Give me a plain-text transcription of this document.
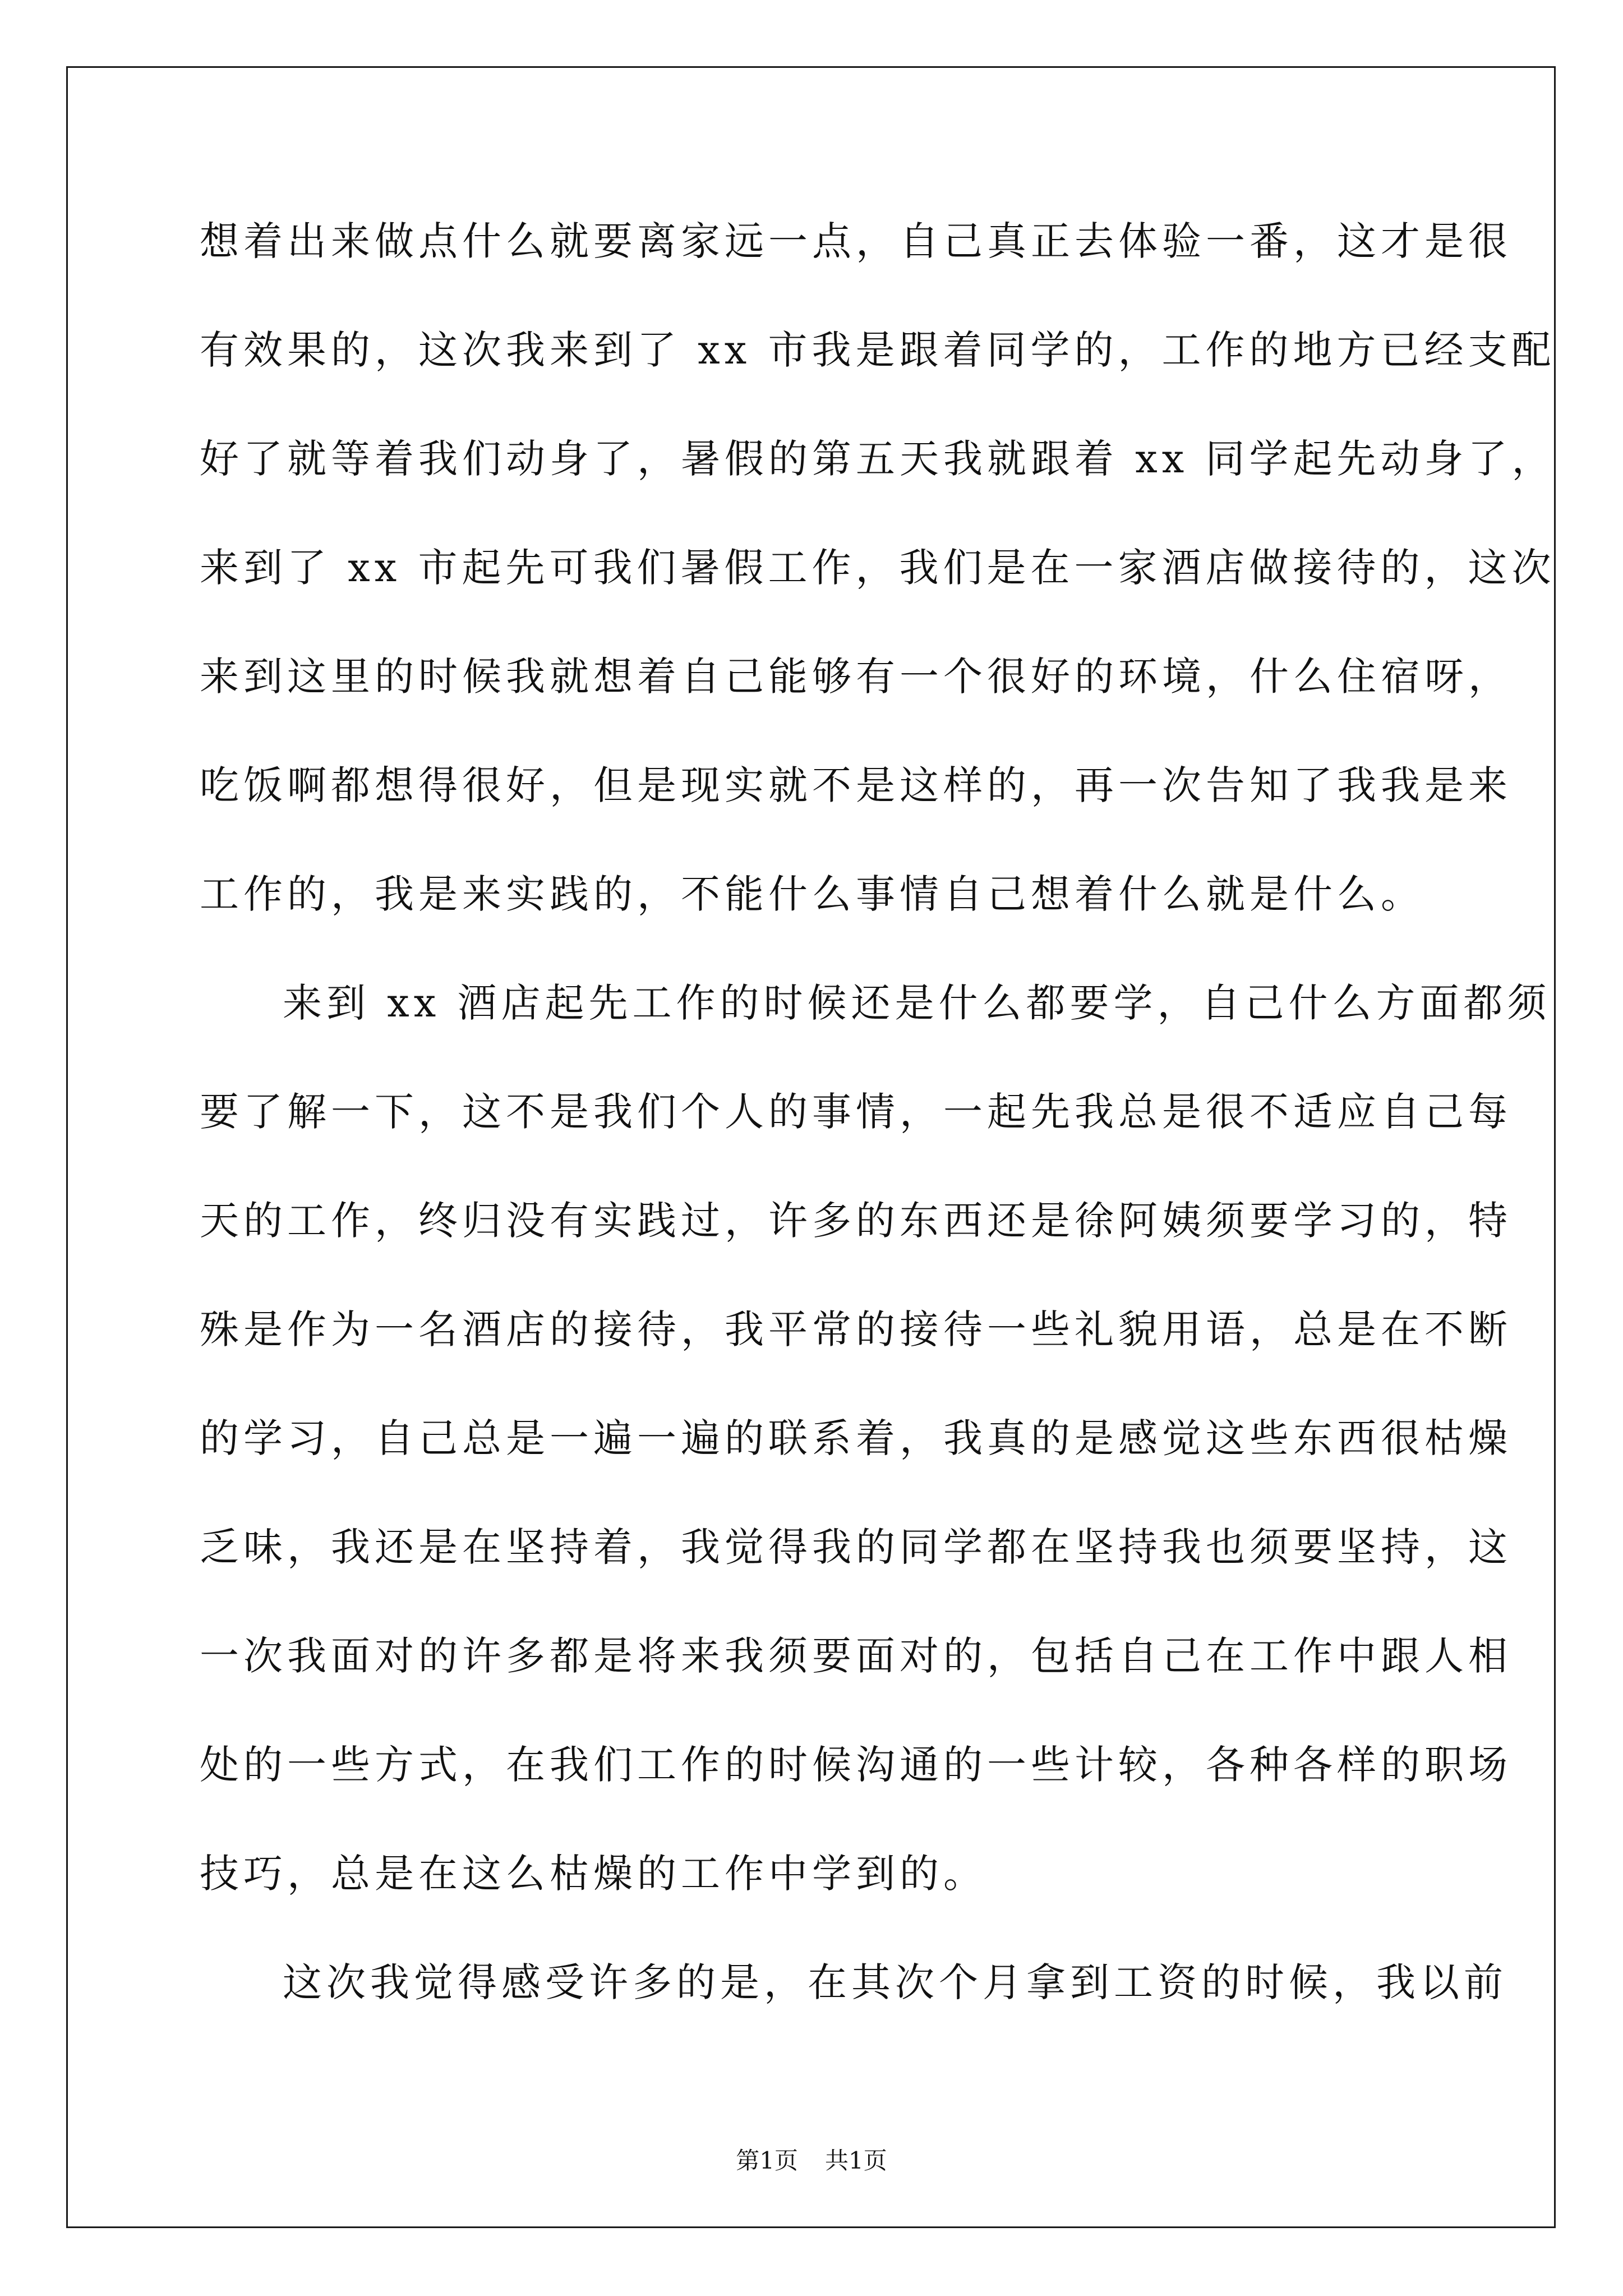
想着出来做点什么就要离家远一点，自己真正去体验一番，这才是很
有效果的，这次我来到了 xx 市我是跟着同学的，工作的地方已经支配
好了就等着我们动身了，暑假的第五天我就跟着 xx 同学起先动身了，
来到了 xx 市起先可我们暑假工作，我们是在一家酒店做接待的，这次
来到这里的时候我就想着自己能够有一个很好的环境，什么住宿呀，
吃饭啊都想得很好，但是现实就不是这样的，再一次告知了我我是来
工作的，我是来实践的，不能什么事情自己想着什么就是什么。
来到 xx 酒店起先工作的时候还是什么都要学，自己什么方面都须
要了解一下，这不是我们个人的事情，一起先我总是很不适应自己每
天的工作，终归没有实践过，许多的东西还是徐阿姨须要学习的，特
殊是作为一名酒店的接待，我平常的接待一些礼貌用语，总是在不断
的学习，自己总是一遍一遍的联系着，我真的是感觉这些东西很枯燥
乏味，我还是在坚持着，我觉得我的同学都在坚持我也须要坚持，这
一次我面对的许多都是将来我须要面对的，包括自己在工作中跟人相
处的一些方式，在我们工作的时候沟通的一些计较，各种各样的职场
技巧，总是在这么枯燥的工作中学到的。
这次我觉得感受许多的是，在其次个月拿到工资的时候，我以前
第1页 共1页
